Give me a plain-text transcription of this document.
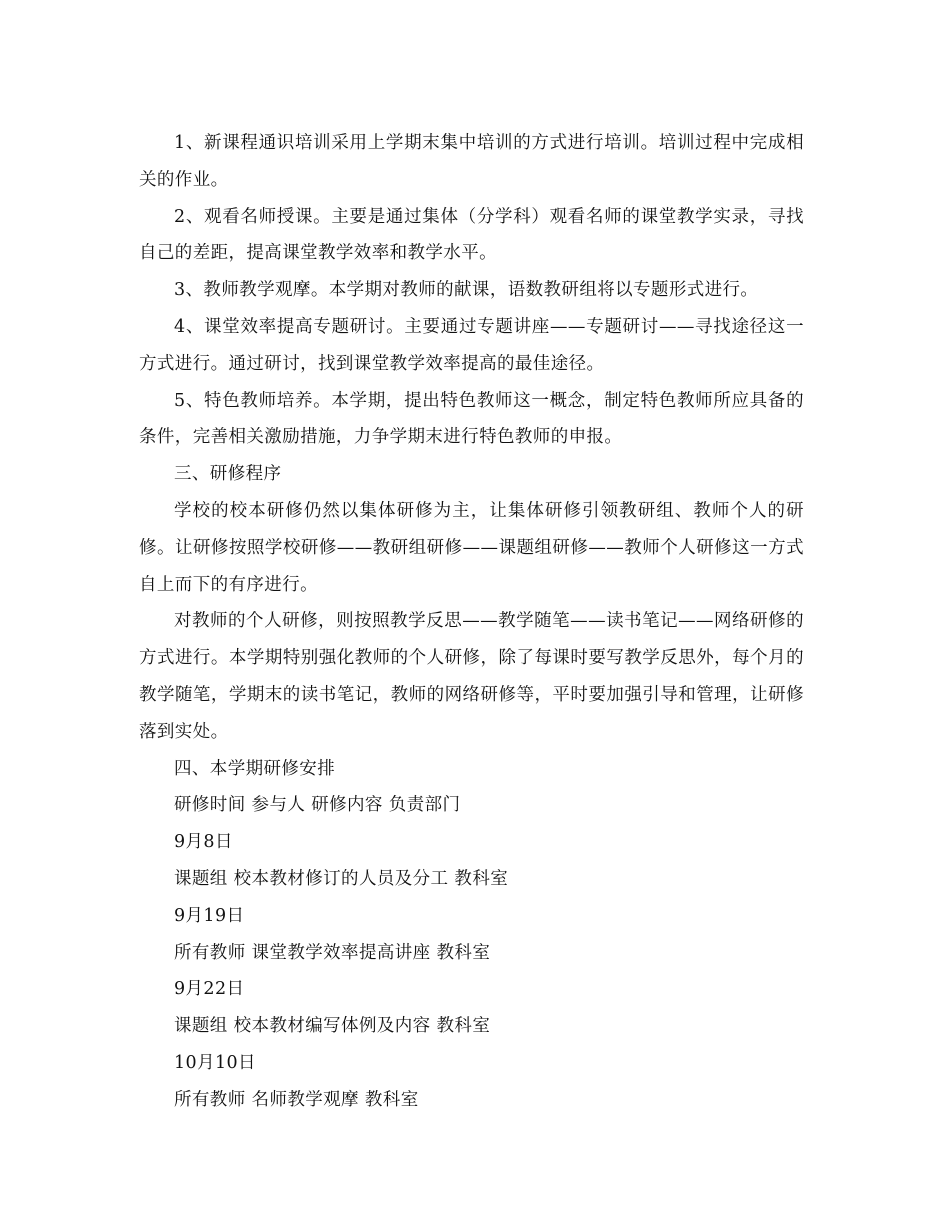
1、新课程通识培训采用上学期末集中培训的方式进行培训。培训过程中完成相关的作业。

2、观看名师授课。主要是通过集体（分学科）观看名师的课堂教学实录，寻找自己的差距，提高课堂教学效率和教学水平。

3、教师教学观摩。本学期对教师的献课，语数教研组将以专题形式进行。

4、课堂效率提高专题研讨。主要通过专题讲座——专题研讨——寻找途径这一方式进行。通过研讨，找到课堂教学效率提高的最佳途径。

5、特色教师培养。本学期，提出特色教师这一概念，制定特色教师所应具备的条件，完善相关激励措施，力争学期末进行特色教师的申报。

三、研修程序

学校的校本研修仍然以集体研修为主，让集体研修引领教研组、教师个人的研修。让研修按照学校研修——教研组研修——课题组研修——教师个人研修这一方式自上而下的有序进行。

对教师的个人研修，则按照教学反思——教学随笔——读书笔记——网络研修的方式进行。本学期特别强化教师的个人研修，除了每课时要写教学反思外，每个月的教学随笔，学期末的读书笔记，教师的网络研修等，平时要加强引导和管理，让研修落到实处。

四、本学期研修安排

研修时间 参与人 研修内容 负责部门

9月8日

课题组 校本教材修订的人员及分工 教科室

9月19日

所有教师 课堂教学效率提高讲座 教科室

9月22日

课题组 校本教材编写体例及内容 教科室

10月10日

所有教师 名师教学观摩 教科室
